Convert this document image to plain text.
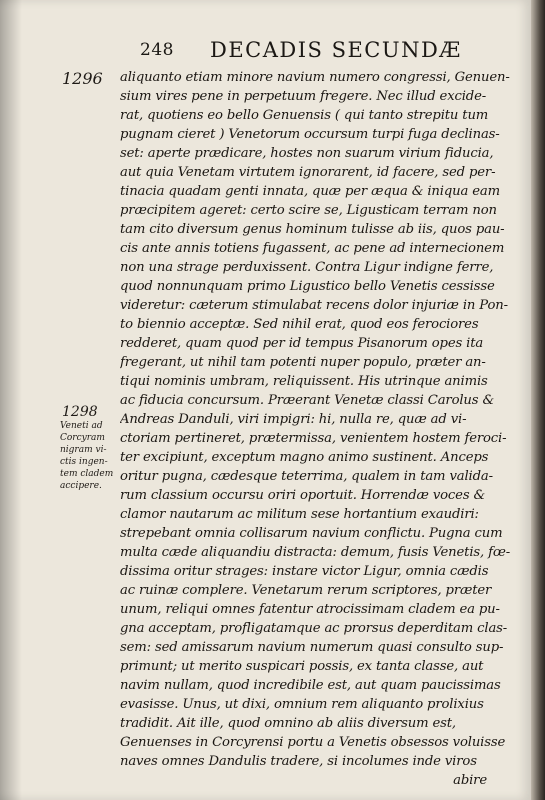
248 DECADIS SECUNDÆ
1296
1298
Veneti ad
Corcyram
nigram vi-
ctis ingen-
tem cladem
accipere.
aliquanto etiam minore navium numero congressi, Genuen-
sium vires pene in perpetuum fregere. Nec illud excide-
rat, quotiens eo bello Genuensis ( qui tanto strepitu tum
pugnam cieret ) Venetorum occursum turpi fuga declinas-
set: aperte prædicare, hostes non suarum virium fiducia,
aut quia Venetam virtutem ignorarent, id facere, sed per-
tinacia quadam genti innata, quæ per æqua & iniqua eam
præcipitem ageret: certo scire se, Ligusticam terram non
tam cito diversum genus hominum tulisse ab iis, quos pau-
cis ante annis totiens fugassent, ac pene ad internecionem
non una strage perduxissent. Contra Ligur indigne ferre,
quod nonnunquam primo Ligustico bello Venetis cessisse
videretur: cæterum stimulabat recens dolor injuriæ in Pon-
to biennio acceptæ. Sed nihil erat, quod eos ferociores
redderet, quam quod per id tempus Pisanorum opes ita
fregerant, ut nihil tam potenti nuper populo, præter an-
tiqui nominis umbram, reliquissent. His utrinque animis
ac fiducia concursum. Præerant Venetæ classi Carolus &
Andreas Danduli, viri impigri: hi, nulla re, quæ ad vi-
ctoriam pertineret, prætermissa, venientem hostem feroci-
ter excipiunt, exceptum magno animo sustinent. Anceps
oritur pugna, cædesque teterrima, qualem in tam valida-
rum classium occursu oriri oportuit. Horrendæ voces &
clamor nautarum ac militum sese hortantium exaudiri:
strepebant omnia collisarum navium conflictu. Pugna cum
multa cæde aliquandiu distracta: demum, fusis Venetis, fœ-
dissima oritur strages: instare victor Ligur, omnia cædis
ac ruinæ complere. Venetarum rerum scriptores, præter
unum, reliqui omnes fatentur atrocissimam cladem ea pu-
gna acceptam, profligatamque ac prorsus deperditam clas-
sem: sed amissarum navium numerum quasi consulto sup-
primunt; ut merito suspicari possis, ex tanta classe, aut
navim nullam, quod incredibile est, aut quam paucissimas
evasisse. Unus, ut dixi, omnium rem aliquanto prolixius
tradidit. Ait ille, quod omnino ab aliis diversum est,
Genuenses in Corcyrensi portu a Venetis obsessos voluisse
naves omnes Dandulis tradere, si incolumes inde viros
abire
